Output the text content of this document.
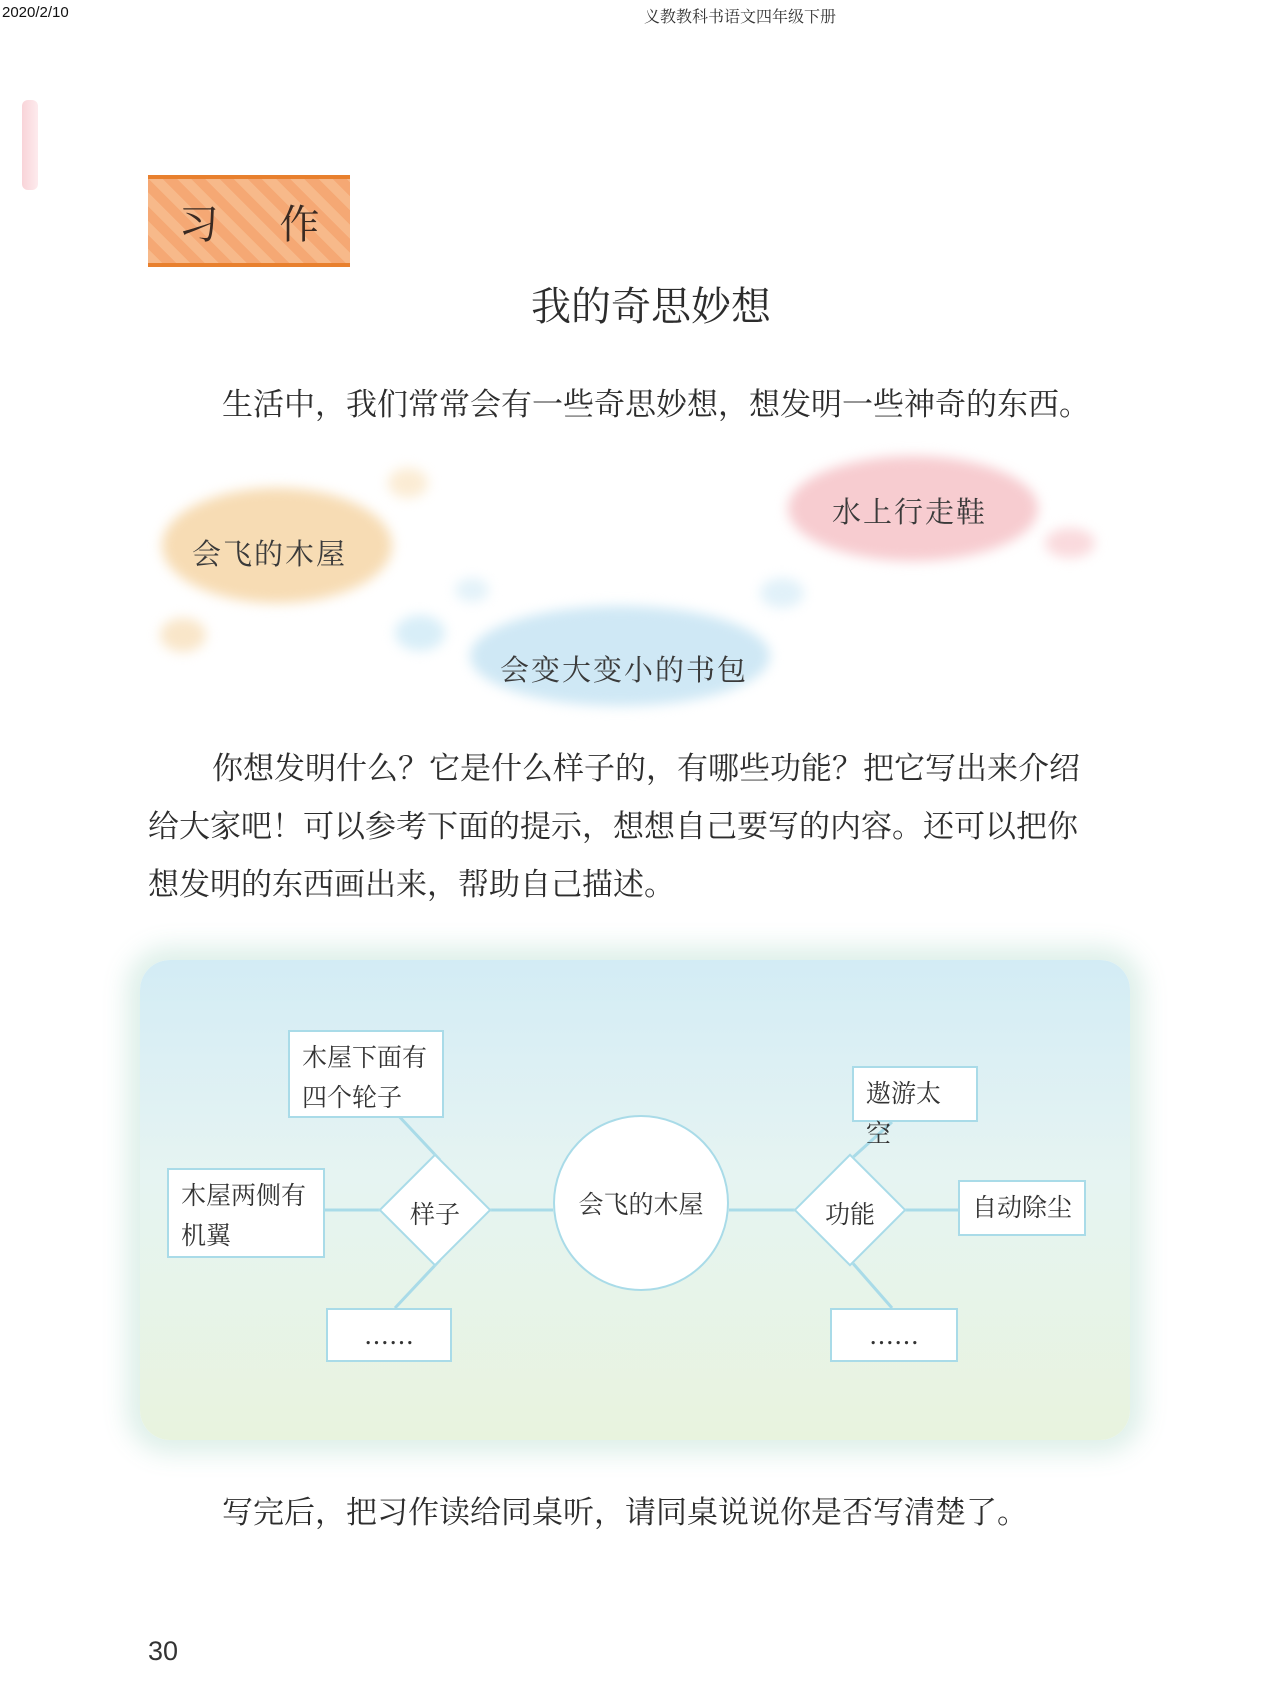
2020/2/10	义教教科书语文四年级下册
习 作
我的奇思妙想
生活中，我们常常会有一些奇思妙想，想发明一些神奇的东西。
会飞的木屋
水上行走鞋
会变大变小的书包
你想发明什么？它是什么样子的，有哪些功能？把它写出来介绍给大家吧！可以参考下面的提示，想想自己要写的内容。还可以把你想发明的东西画出来，帮助自己描述。
木屋下面有四个轮子
木屋两侧有机翼
……
样子	会飞的木屋	功能
遨游太空
自动除尘
……
写完后，把习作读给同桌听，请同桌说说你是否写清楚了。
30
